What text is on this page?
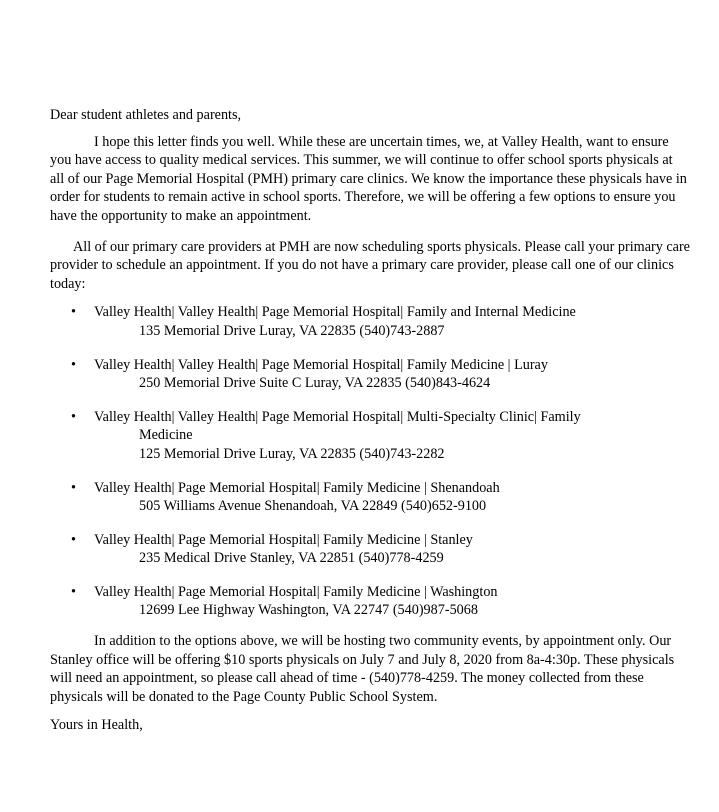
Dear student athletes and parents,

I hope this letter finds you well. While these are uncertain times, we, at Valley Health, want to ensure you have access to quality medical services. This summer, we will continue to offer school sports physicals at all of our Page Memorial Hospital (PMH) primary care clinics. We know the importance these physicals have in order for students to remain active in school sports. Therefore, we will be offering a few options to ensure you have the opportunity to make an appointment.

All of our primary care providers at PMH are now scheduling sports physicals. Please call your primary care provider to schedule an appointment. If you do not have a primary care provider, please call one of our clinics today:

•	Valley Health| Valley Health| Page Memorial Hospital| Family and Internal Medicine
135 Memorial Drive Luray, VA 22835 (540)743-2887
•	Valley Health| Valley Health| Page Memorial Hospital| Family Medicine | Luray
250 Memorial Drive Suite C Luray, VA 22835 (540)843-4624
•	Valley Health| Valley Health| Page Memorial Hospital| Multi-Specialty Clinic| Family
Medicine
125 Memorial Drive Luray, VA 22835 (540)743-2282
•	Valley Health| Page Memorial Hospital| Family Medicine | Shenandoah
505 Williams Avenue Shenandoah, VA 22849 (540)652-9100
•	Valley Health| Page Memorial Hospital| Family Medicine | Stanley
235 Medical Drive Stanley, VA 22851 (540)778-4259
•	Valley Health| Page Memorial Hospital| Family Medicine | Washington
12699 Lee Highway Washington, VA 22747 (540)987-5068

In addition to the options above, we will be hosting two community events, by appointment only. Our Stanley office will be offering $10 sports physicals on July 7 and July 8, 2020 from 8a-4:30p. These physicals will need an appointment, so please call ahead of time - (540)778-4259. The money collected from these physicals will be donated to the Page County Public School System.

Yours in Health,
